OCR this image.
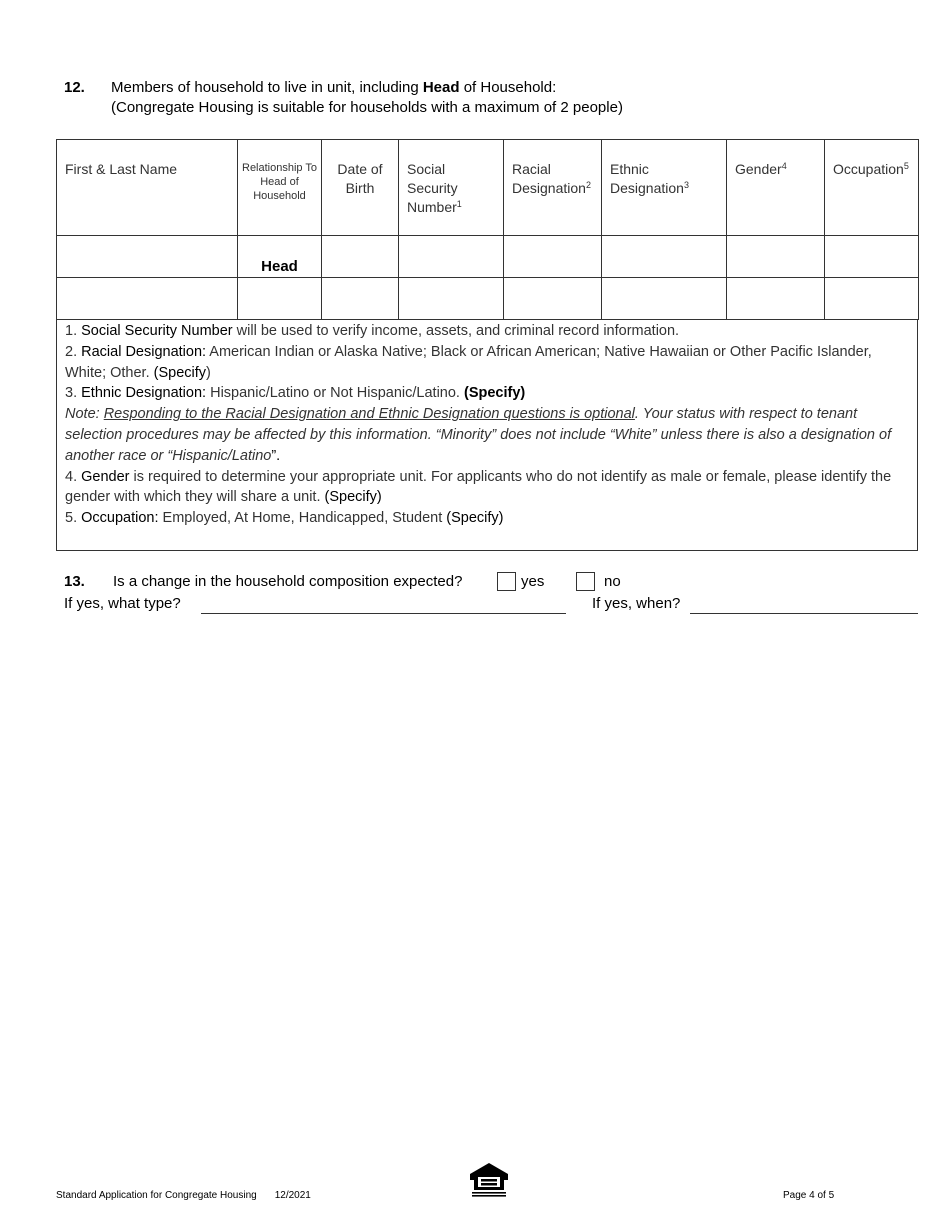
12. Members of household to live in unit, including Head of Household:
(Congregate Housing is suitable for households with a maximum of 2 people)
First & Last Name	Relationship To Head of Household	Date of Birth	Social Security Number$^1$	Racial Designation$^2$	Ethnic Designation$^3$	Gender$^4$	Occupation$^5$
	Head						

1. Social Security Number will be used to verify income, assets, and criminal record information.
2. Racial Designation: American Indian or Alaska Native; Black or African American; Native Hawaiian or Other Pacific Islander, White; Other. (Specify)
3. Ethnic Designation: Hispanic/Latino or Not Hispanic/Latino. (Specify)
Note: Responding to the Racial Designation and Ethnic Designation questions is optional. Your status with respect to tenant selection procedures may be affected by this information. “Minority” does not include “White” unless there is also a designation of another race or “Hispanic/Latino”.
4. Gender is required to determine your appropriate unit. For applicants who do not identify as male or female, please identify the gender with which they will share a unit. (Specify)
5. Occupation: Employed, At Home, Handicapped, Student (Specify)
13. Is a change in the household composition expected?	yes	no
If yes, what type?	If yes, when?
Standard Application for Congregate Housing 12/2021	Page 4 of 5
